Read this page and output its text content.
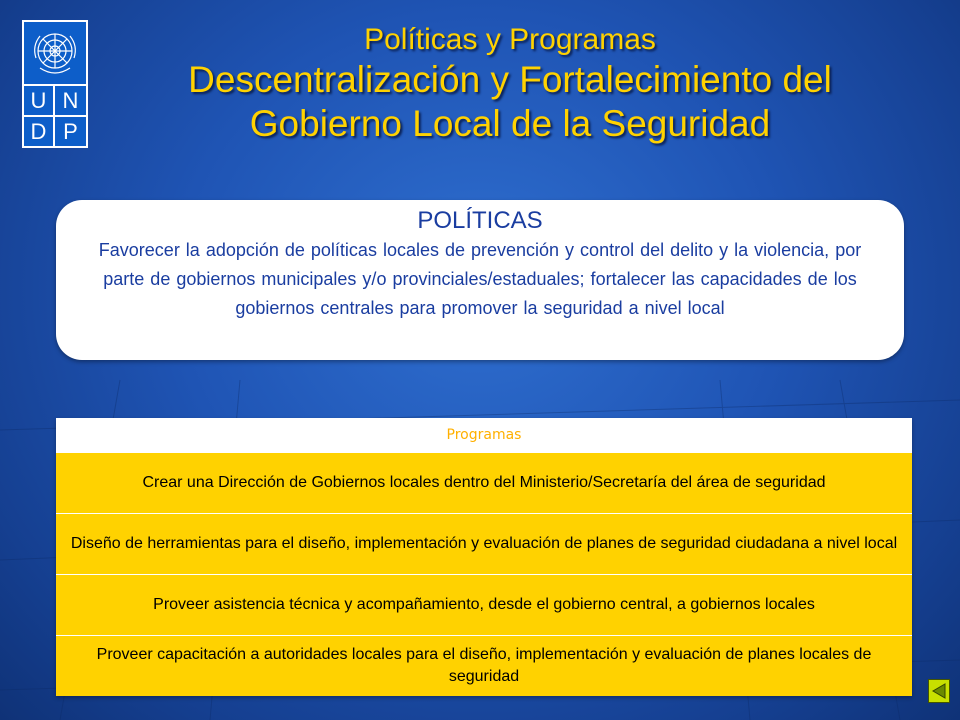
U N
D P
Políticas y Programas
Descentralización y Fortalecimiento del
Gobierno Local de la Seguridad
POLÍTICAS
Favorecer la adopción de políticas locales de prevención y control del delito y la violencia, por parte de gobiernos municipales y/o provinciales/estaduales; fortalecer las capacidades de los gobiernos centrales para promover la seguridad a nivel local
Programas
Crear una Dirección de Gobiernos locales dentro del Ministerio/Secretaría del área de seguridad
Diseño de herramientas para el diseño, implementación y evaluación de planes de seguridad ciudadana a nivel local
Proveer asistencia técnica y acompañamiento, desde el gobierno central, a gobiernos locales
Proveer capacitación a autoridades locales para el diseño, implementación y evaluación de planes locales de seguridad
